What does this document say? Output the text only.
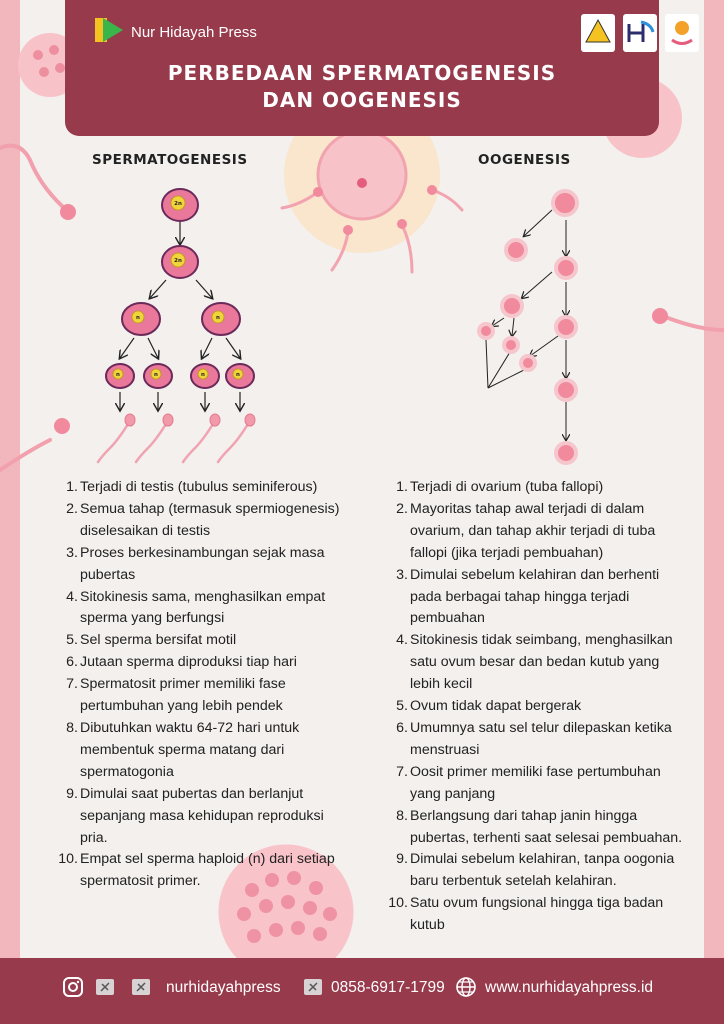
Nur Hidayah Press
PERBEDAAN SPERMATOGENESIS
DAN OOGENESIS
SPERMATOGENESIS	OOGENESIS
2n
2n
n	n
n	n	n	n
1. Terjadi di testis (tubulus seminiferous)
2. Semua tahap (termasuk spermiogenesis) diselesaikan di testis
3. Proses berkesinambungan sejak masa pubertas
4. Sitokinesis sama, menghasilkan empat sperma yang berfungsi
5. Sel sperma bersifat motil
6. Jutaan sperma diproduksi tiap hari
7. Spermatosit primer memiliki fase pertumbuhan yang lebih pendek
8. Dibutuhkan waktu 64-72 hari untuk membentuk sperma matang dari spermatogonia
9. Dimulai saat pubertas dan berlanjut sepanjang masa kehidupan reproduksi pria.
10. Empat sel sperma haploid (n) dari setiap spermatosit primer.
1. Terjadi di ovarium (tuba fallopi)
2. Mayoritas tahap awal terjadi di dalam ovarium, dan tahap akhir terjadi di tuba fallopi (jika terjadi pembuahan)
3. Dimulai sebelum kelahiran dan berhenti pada berbagai tahap hingga terjadi pembuahan
4. Sitokinesis tidak seimbang, menghasilkan satu ovum besar dan bedan kutub yang lebih kecil
5. Ovum tidak dapat bergerak
6. Umumnya satu sel telur dilepaskan ketika menstruasi
7. Oosit primer memiliki fase pertumbuhan yang panjang
8. Berlangsung dari tahap janin hingga pubertas, terhenti saat selesai pembuahan.
9. Dimulai sebelum kelahiran, tanpa oogonia baru terbentuk setelah kelahiran.
10. Satu ovum fungsional hingga tiga badan kutub
nurhidayahpress	0858-6917-1799	www.nurhidayahpress.id
